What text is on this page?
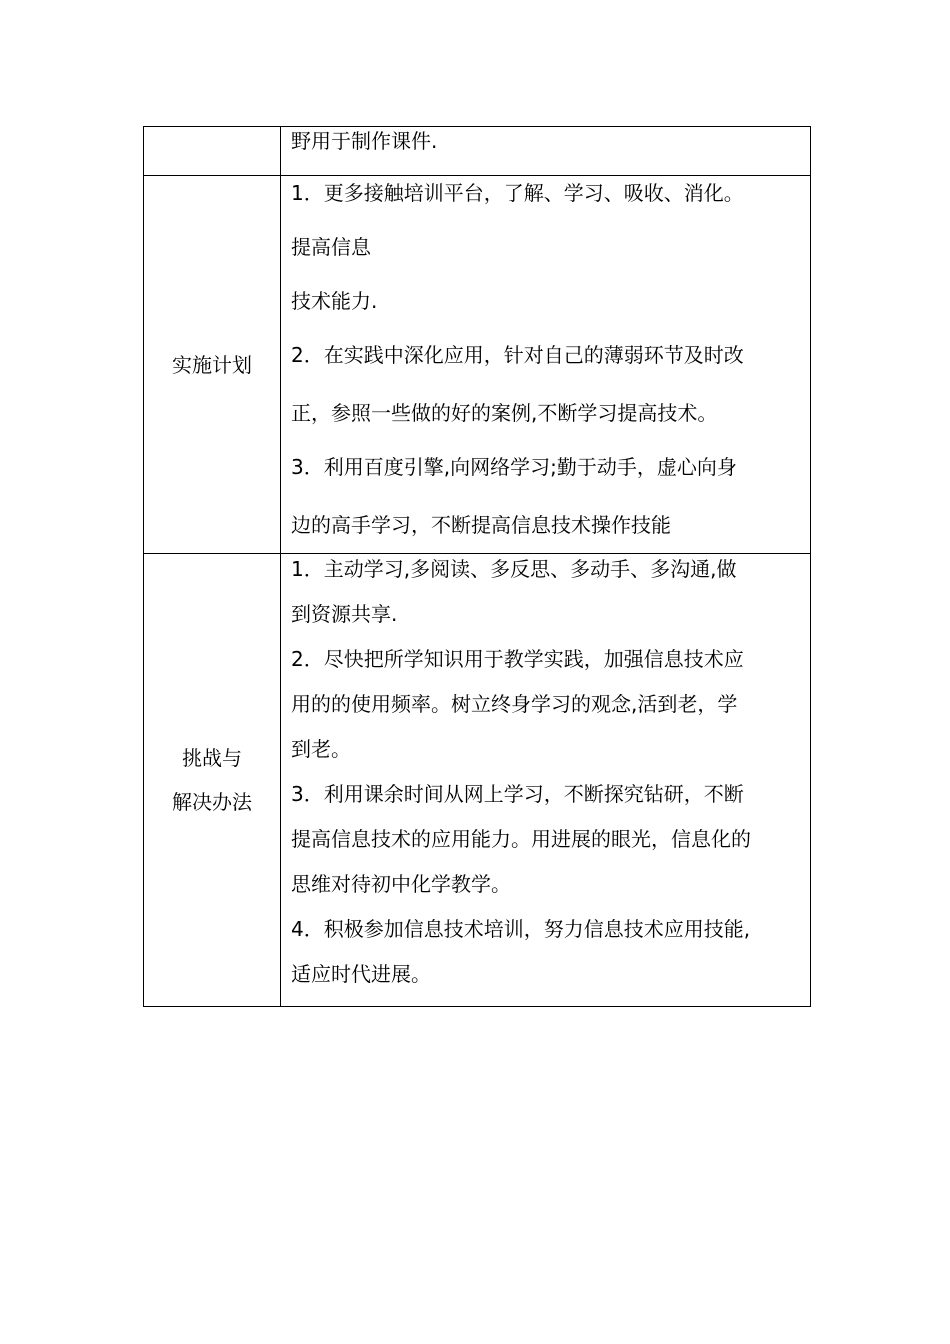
野用于制作课件.
实施计划
1．更多接触培训平台，了解、学习、吸收、消化。
提高信息
技术能力.
2．在实践中深化应用，针对自己的薄弱环节及时改
正，参照一些做的好的案例,不断学习提高技术。
3．利用百度引擎,向网络学习;勤于动手，虚心向身
边的高手学习，不断提高信息技术操作技能
挑战与
解决办法
1．主动学习,多阅读、多反思、多动手、多沟通,做
到资源共享.
2．尽快把所学知识用于教学实践，加强信息技术应
用的的使用频率。树立终身学习的观念,活到老，学
到老。
3．利用课余时间从网上学习，不断探究钻研，不断
提高信息技术的应用能力。用进展的眼光，信息化的
思维对待初中化学教学。
4．积极参加信息技术培训，努力信息技术应用技能,
适应时代进展。
